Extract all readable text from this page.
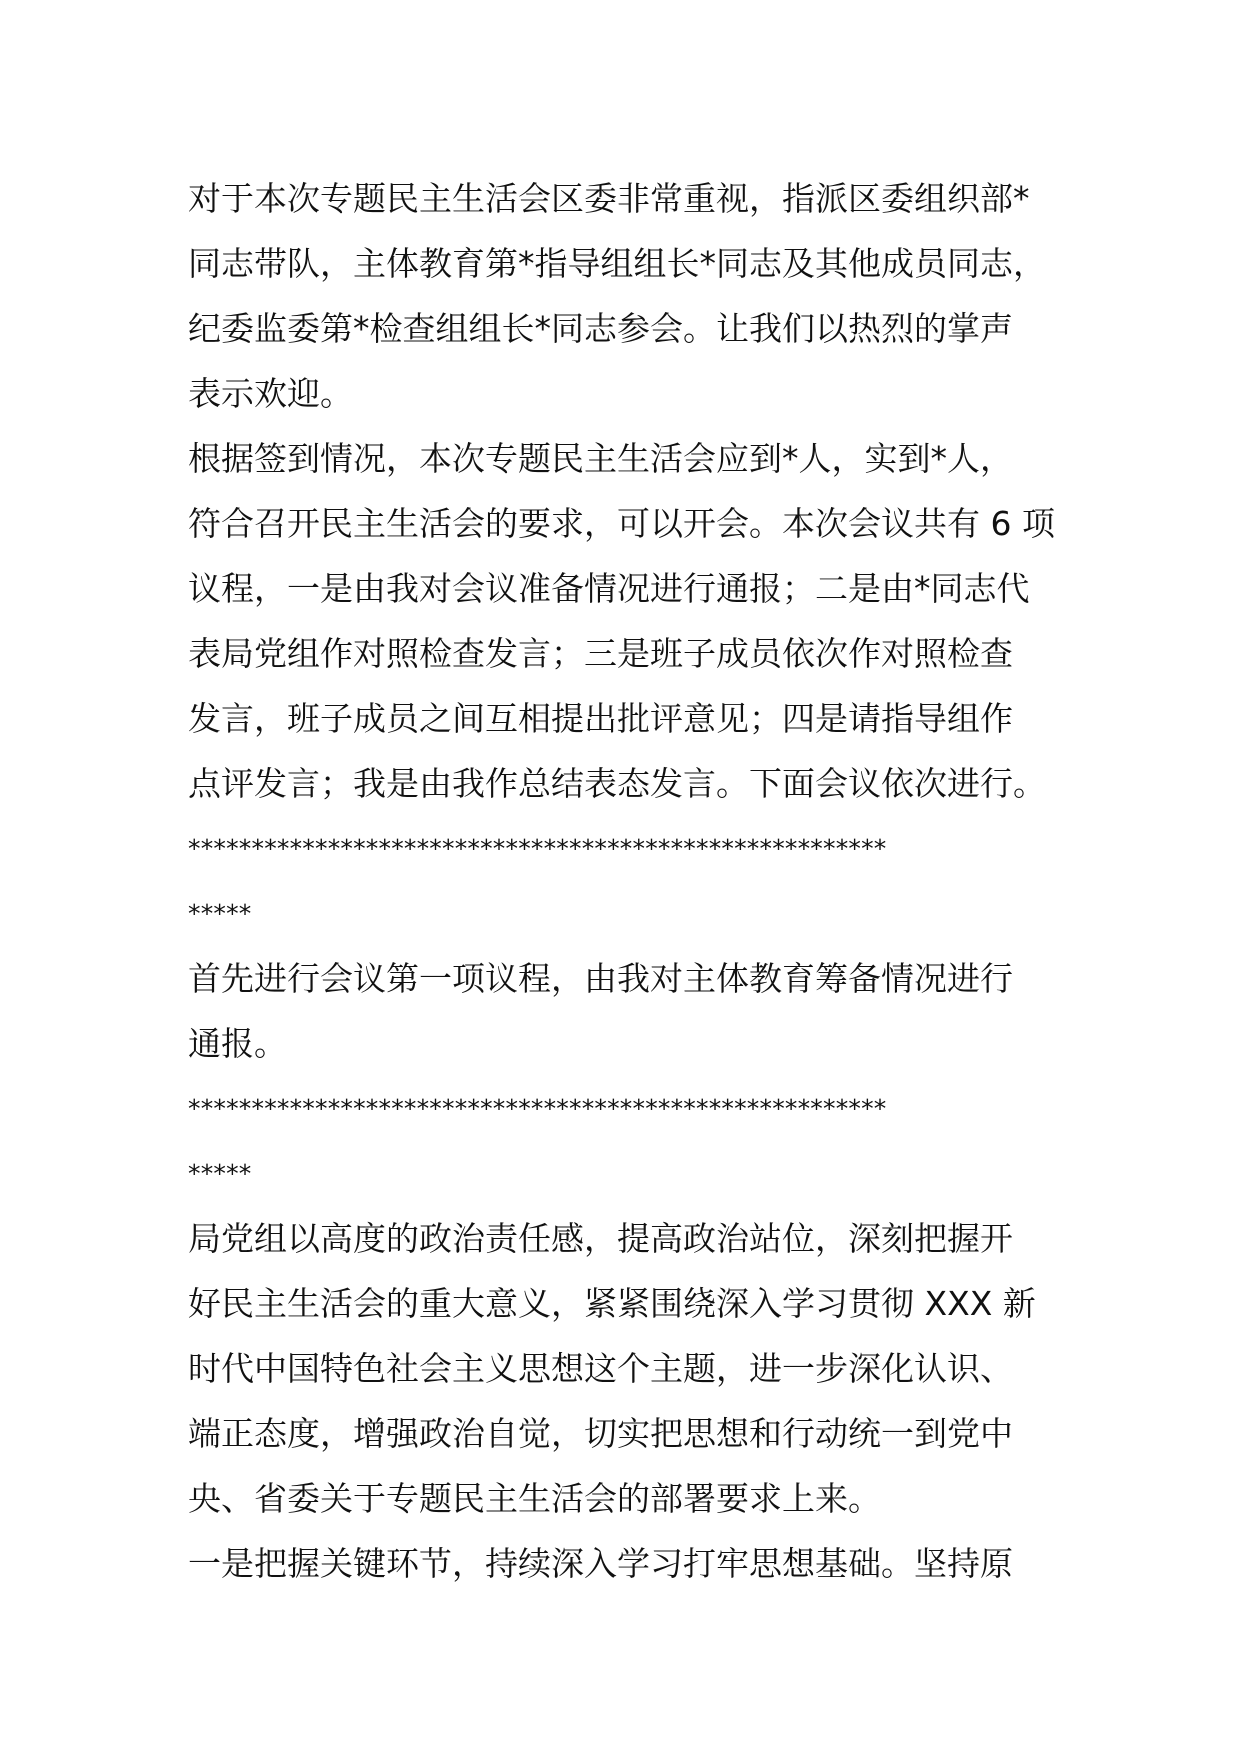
对于本次专题民主生活会区委非常重视，指派区委组织部*
同志带队，主体教育第*指导组组长*同志及其他成员同志，
纪委监委第*检查组组长*同志参会。让我们以热烈的掌声
表示欢迎。

根据签到情况，本次专题民主生活会应到*人，实到*人，
符合召开民主生活会的要求，可以开会。本次会议共有 6 项
议程，一是由我对会议准备情况进行通报；二是由*同志代
表局党组作对照检查发言；三是班子成员依次作对照检查
发言，班子成员之间互相提出批评意见；四是请指导组作
点评发言；我是由我作总结表态发言。下面会议依次进行。

*******************************************************
*****

首先进行会议第一项议程，由我对主体教育筹备情况进行
通报。

*******************************************************
*****

局党组以高度的政治责任感，提高政治站位，深刻把握开
好民主生活会的重大意义，紧紧围绕深入学习贯彻 XXX 新
时代中国特色社会主义思想这个主题，进一步深化认识、
端正态度，增强政治自觉，切实把思想和行动统一到党中
央、省委关于专题民主生活会的部署要求上来。

一是把握关键环节，持续深入学习打牢思想基础。坚持原
